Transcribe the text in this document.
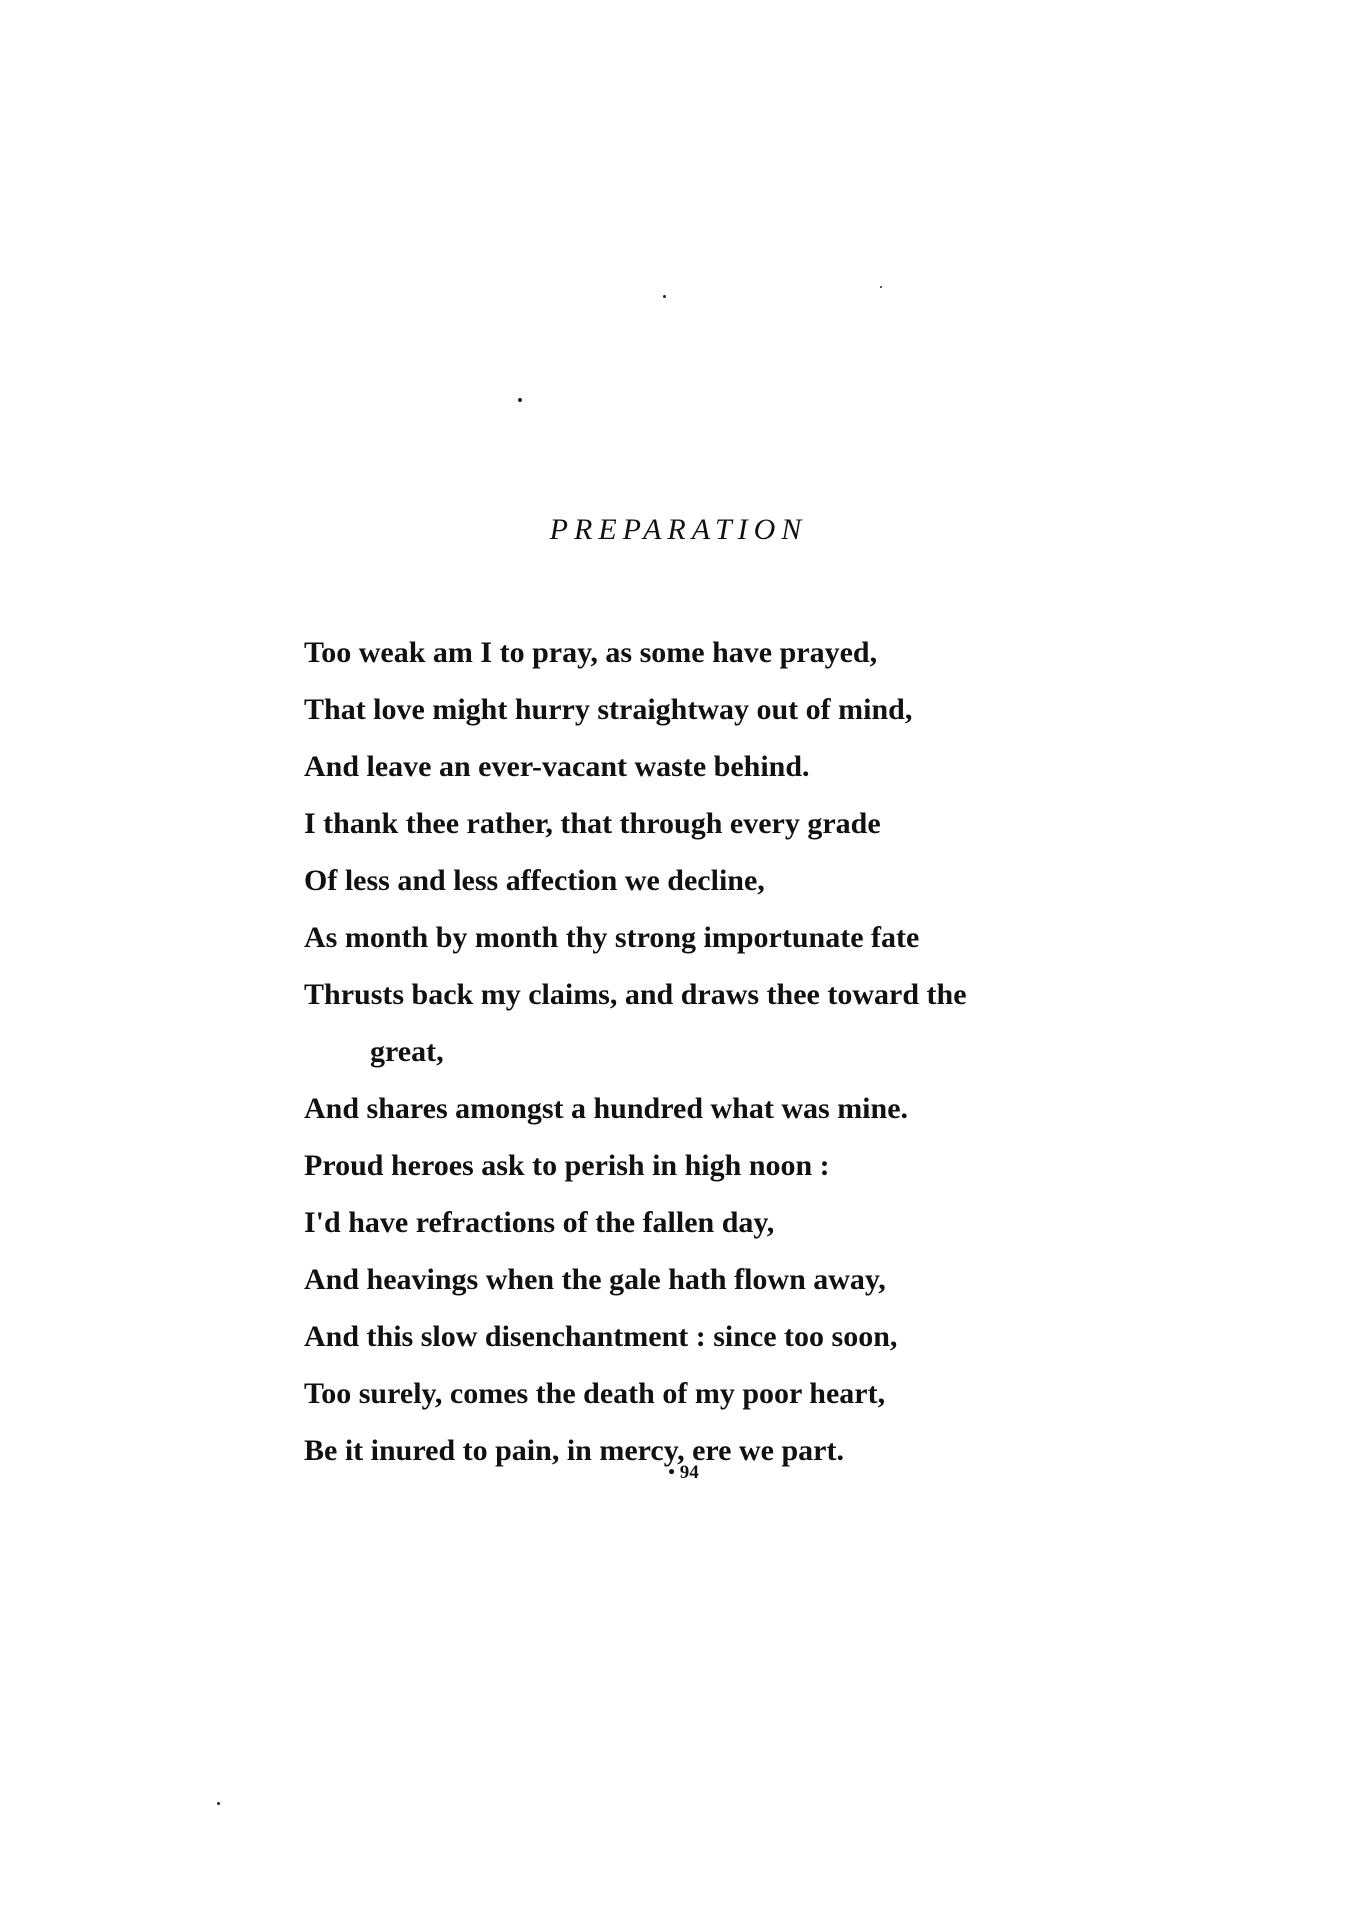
PREPARATION
Too weak am I to pray, as some have prayed,
That love might hurry straightway out of mind,
And leave an ever-vacant waste behind.
I thank thee rather, that through every grade
Of less and less affection we decline,
As month by month thy strong importunate fate
Thrusts back my claims, and draws thee toward the
great,
And shares amongst a hundred what was mine.
Proud heroes ask to perish in high noon :
I'd have refractions of the fallen day,
And heavings when the gale hath flown away,
And this slow disenchantment : since too soon,
Too surely, comes the death of my poor heart,
Be it inured to pain, in mercy, ere we part.
• 94
